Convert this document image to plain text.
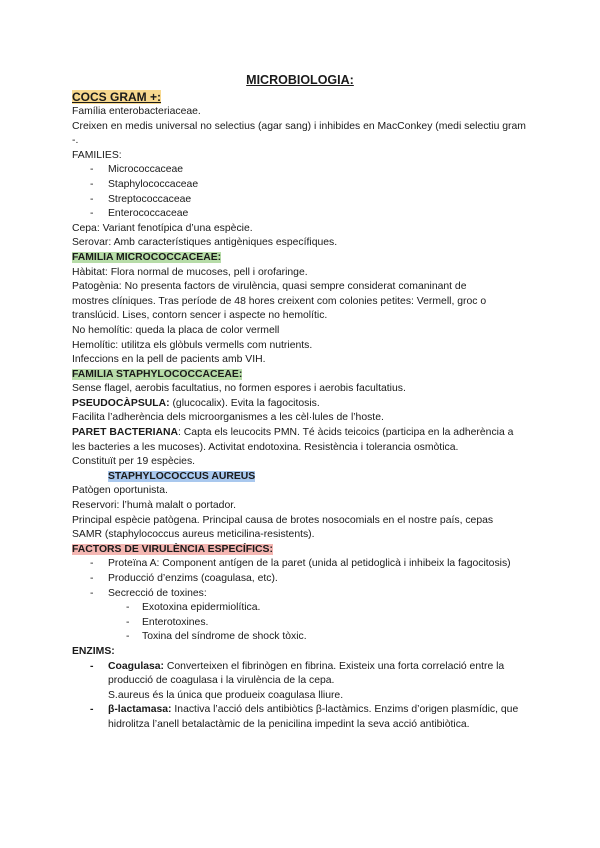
MICROBIOLOGIA:
COCS GRAM +:
Família enterobacteriaceae.
Creixen en medis universal no selectius (agar sang) i inhibides en MacConkey (medi selectiu gram -.
FAMILIES:
- Micrococcaceae
- Staphylococcaceae
- Streptococcaceae
- Enterococcaceae
Cepa: Variant fenotípica d’una espècie.
Serovar: Amb característiques antigèniques específiques.
FAMILIA MICROCOCCACEAE:
Hàbitat: Flora normal de mucoses, pell i orofaringe.
Patogènia: No presenta factors de virulència, quasi sempre considerat comaninant de
mostres clíniques. Tras període de 48 hores creixent com colonies petites: Vermell, groc o
translúcid. Lises, contorn sencer i aspecte no hemolític.
No hemolític: queda la placa de color vermell
Hemolític: utilitza els glòbuls vermells com nutrients.
Infeccions en la pell de pacients amb VIH.
FAMILIA STAPHYLOCOCCACEAE:
Sense flagel, aerobis facultatius, no formen espores i aerobis facultatius.
PSEUDOCÀPSULA: (glucocalix). Evita la fagocitosis.
Facilita l’adherència dels microorganismes a les cèl·lules de l’hoste.
PARET BACTERIANA: Capta els leucocits PMN. Té àcids teicoics (participa en la adherència a les bacteries a les mucoses). Activitat endotoxina. Resistència i tolerancia osmòtica.
Constituït per 19 espècies.
STAPHYLOCOCCUS AUREUS
Patògen oportunista.
Reservori: l’humà malalt o portador.
Principal espècie patògena. Principal causa de brotes nosocomials en el nostre país, cepas
SAMR (staphylococcus aureus meticilina-resistents).
FACTORS DE VIRULÈNCIA ESPECÍFICS:
- Proteïna A: Component antígen de la paret (unida al petidoglicà i inhibeix la fagocitosis)
- Producció d’enzims (coagulasa, etc).
- Secrecció de toxines:
- Exotoxina epidermiolítica.
- Enterotoxines.
- Toxina del síndrome de shock tòxic.
ENZIMS:
- Coagulasa: Converteixen el fibrinògen en fibrina. Existeix una forta correlació entre la producció de coagulasa i la virulència de la cepa.
S.aureus és la única que produeix coagulasa lliure.
- β-lactamasa: Inactiva l’acció dels antibiòtics β-lactàmics. Enzims d’origen plasmídic, que hidrolitza l’anell betalactàmic de la penicilina impedint la seva acció antibiòtica.
